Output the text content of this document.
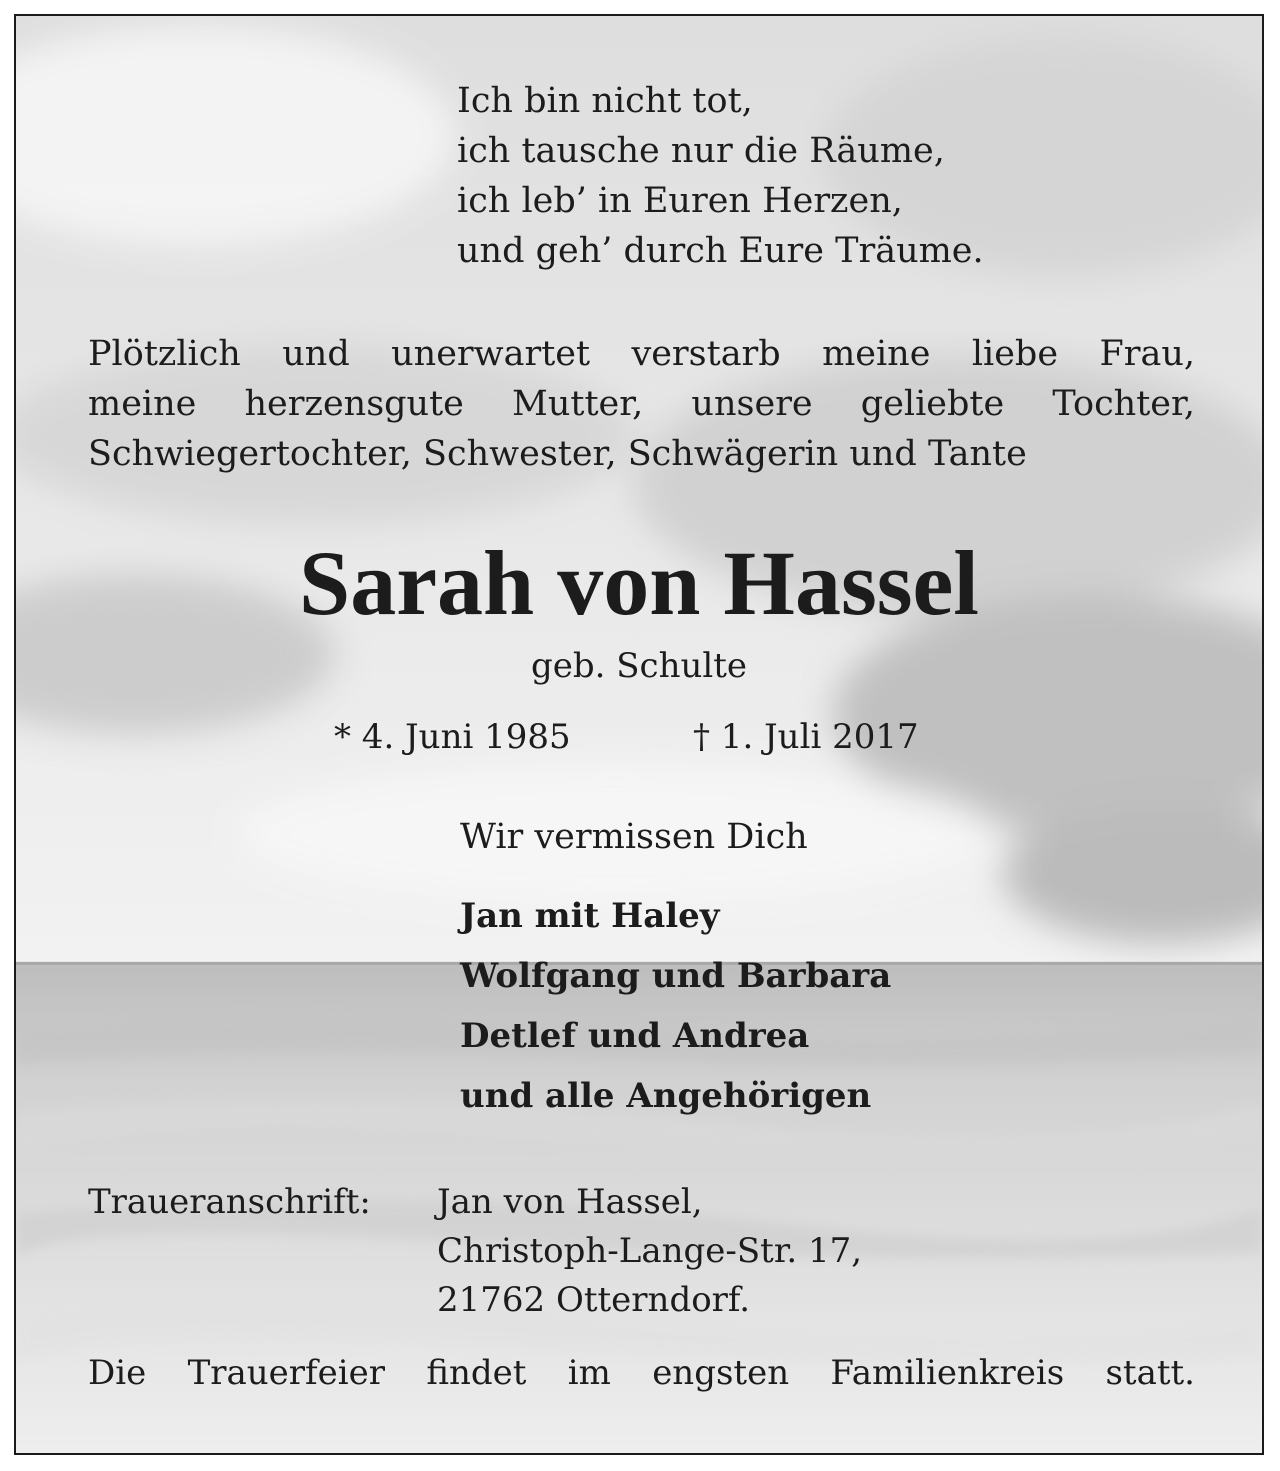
Ich bin nicht tot,
ich tausche nur die Räume,
ich leb’ in Euren Herzen,
und geh’ durch Eure Träume.
Plötzlich und unerwartet verstarb meine liebe Frau,
meine herzensgute Mutter, unsere geliebte Tochter,
Schwiegertochter, Schwester, Schwägerin und Tante
Sarah von Hassel
geb. Schulte
* 4. Juni 1985	† 1. Juli 2017
Wir vermissen Dich
Jan mit Haley
Wolfgang und Barbara
Detlef und Andrea
und alle Angehörigen
Traueranschrift: Jan von Hassel,
Christoph-Lange-Str. 17,
21762 Otterndorf.
Die Trauerfeier findet im engsten Familienkreis statt.
